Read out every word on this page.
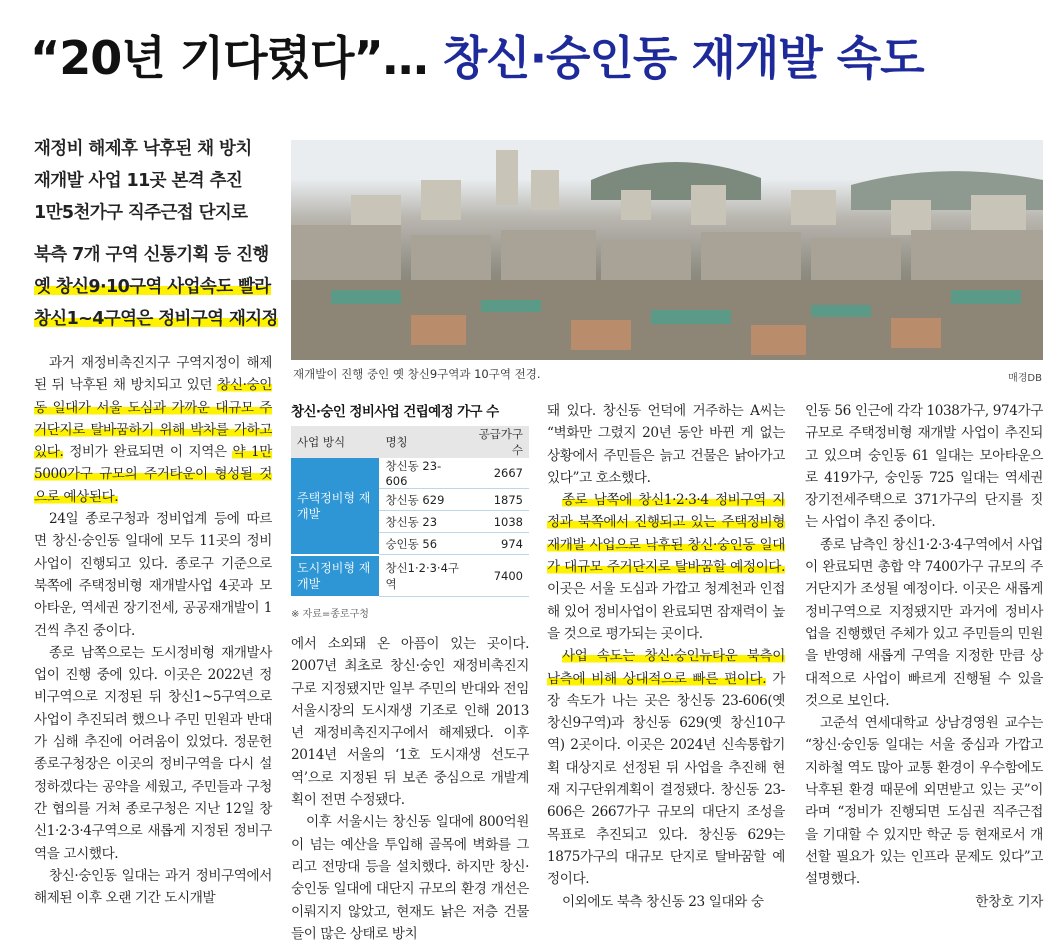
“20년 기다렸다”… 창신·숭인동 재개발 속도
재정비 해제후 낙후된 채 방치
재개발 사업 11곳 본격 추진
1만5천가구 직주근접 단지로
북측 7개 구역 신통기획 등 진행
옛 창신9·10구역 사업속도 빨라
창신1~4구역은 정비구역 재지정
재개발이 진행 중인 옛 창신9구역과 10구역 전경.	매경DB

과거 재정비촉진지구 구역지정이 해제된 뒤 낙후된 채 방치되고 있던 창신·숭인동 일대가 서울 도심과 가까운 대규모 주거단지로 탈바꿈하기 위해 박차를 가하고 있다. 정비가 완료되면 이 지역은 약 1만5000가구 규모의 주거타운이 형성될 것으로 예상된다.

24일 종로구청과 정비업계 등에 따르면 창신·숭인동 일대에 모두 11곳의 정비사업이 진행되고 있다. 종로구 기준으로 북쪽에 주택정비형 재개발사업 4곳과 모아타운, 역세권 장기전세, 공공재개발이 1건씩 추진 중이다.

종로 남쪽으로는 도시정비형 재개발사업이 진행 중에 있다. 이곳은 2022년 정비구역으로 지정된 뒤 창신1~5구역으로 사업이 추진되려 했으나 주민 민원과 반대가 심해 추진에 어려움이 있었다. 정문헌 종로구청장은 이곳의 정비구역을 다시 설정하겠다는 공약을 세웠고, 주민들과 구청 간 협의를 거쳐 종로구청은 지난 12일 창신1·2·3·4구역으로 새롭게 지정된 정비구역을 고시했다.

창신·숭인동 일대는 과거 정비구역에서 해제된 이후 오랜 기간 도시개발

창신·숭인 정비사업 건립예정 가구 수
사업 방식	명칭	공급가구 수
주택정비형 재개발	창신동 23-606	2667
	창신동 629	1875
	창신동 23	1038
	숭인동 56	974
도시정비형 재개발	창신1·2·3·4구역	7400
※ 자료=종로구청

에서 소외돼 온 아픔이 있는 곳이다. 2007년 최초로 창신·숭인 재정비촉진지구로 지정됐지만 일부 주민의 반대와 전임 서울시장의 도시재생 기조로 인해 2013년 재정비촉진지구에서 해제됐다. 이후 2014년 서울의 ‘1호 도시재생 선도구역’으로 지정된 뒤 보존 중심으로 개발계획이 전면 수정됐다.

이후 서울시는 창신동 일대에 800억원이 넘는 예산을 투입해 골목에 벽화를 그리고 전망대 등을 설치했다. 하지만 창신·숭인동 일대에 대단지 규모의 환경 개선은 이뤄지지 않았고, 현재도 낡은 저층 건물들이 많은 상태로 방치

돼 있다. 창신동 언덕에 거주하는 A씨는 “벽화만 그렸지 20년 동안 바뀐 게 없는 상황에서 주민들은 늙고 건물은 낡아가고 있다”고 호소했다.

종로 남쪽에 창신1·2·3·4 정비구역 지정과 북쪽에서 진행되고 있는 주택정비형 재개발 사업으로 낙후된 창신·숭인동 일대가 대규모 주거단지로 탈바꿈할 예정이다. 이곳은 서울 도심과 가깝고 청계천과 인접해 있어 정비사업이 완료되면 잠재력이 높을 것으로 평가되는 곳이다.

사업 속도는 창신·숭인뉴타운 북측이 남측에 비해 상대적으로 빠른 편이다. 가장 속도가 나는 곳은 창신동 23-606(옛 창신9구역)과 창신동 629(옛 창신10구역) 2곳이다. 이곳은 2024년 신속통합기획 대상지로 선정된 뒤 사업을 추진해 현재 지구단위계획이 결정됐다. 창신동 23-606은 2667가구 규모의 대단지 조성을 목표로 추진되고 있다. 창신동 629는 1875가구의 대규모 단지로 탈바꿈할 예정이다.

이외에도 북측 창신동 23 일대와 숭

인동 56 인근에 각각 1038가구, 974가구 규모로 주택정비형 재개발 사업이 추진되고 있으며 숭인동 61 일대는 모아타운으로 419가구, 숭인동 725 일대는 역세권 장기전세주택으로 371가구의 단지를 짓는 사업이 추진 중이다.

종로 남측인 창신1·2·3·4구역에서 사업이 완료되면 총합 약 7400가구 규모의 주거단지가 조성될 예정이다. 이곳은 새롭게 정비구역으로 지정됐지만 과거에 정비사업을 진행했던 주체가 있고 주민들의 민원을 반영해 새롭게 구역을 지정한 만큼 상대적으로 사업이 빠르게 진행될 수 있을 것으로 보인다.

고준석 연세대학교 상남경영원 교수는 “창신·숭인동 일대는 서울 중심과 가깝고 지하철 역도 많아 교통 환경이 우수함에도 낙후된 환경 때문에 외면받고 있는 곳”이라며 “정비가 진행되면 도심권 직주근접을 기대할 수 있지만 학군 등 현재로서 개선할 필요가 있는 인프라 문제도 있다”고 설명했다.

한창호 기자
